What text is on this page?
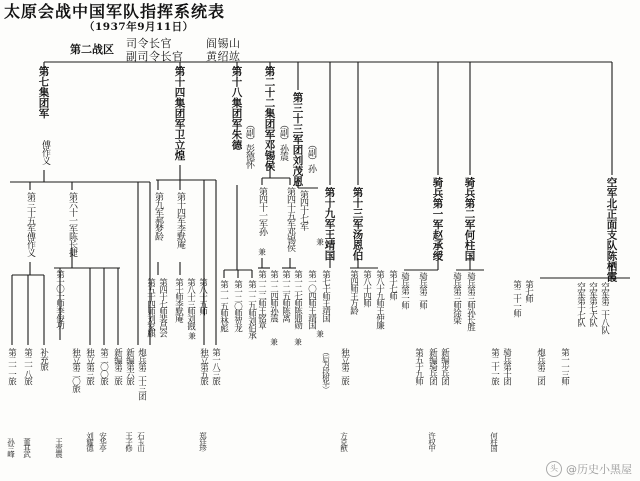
太原会战中国军队指挥系统表
（1937年9月11日）
第二战区 司令长官
副司令长官
阎锡山
黄绍竑
第七集团军
傅作义	第十四集团军卫立煌	第十八集团军朱德 （副）彭德怀 第二十二集团军邓锡侯 （副）孙震 第三十三军团刘茂恩 （副）孙
第十九军王靖国 第十三军汤恩伯	骑兵第一军赵承绶 骑兵第二军何柱国	空军北正面支队陈栖霞
第三十五军傅作义	第六十一军陈长捷	第九军郝梦龄 第十四军李默庵	第四十一军孙 第四十五军邓锡侯 第四十七军
骑兵第一师 骑兵第二师	骑兵第三师徐梁 骑兵第三师孙长胜
第五十四师刘家麒 第四十七师裴昌会 第十师李默庵 第八十三师刘戡 第八十五师 第一一五师林彪 第一二〇师贺龙 第一二九师刘伯承 第一二二师王铭章 第一二四师孙震 第一二五师陈离 第一二七师陈鼎勋 第一〇四师王靖国 第七十师王靖国
第一〇一师李俊功	第八十四师 第八十九师王仲廉
第四师王万龄	第十七师	第二十一师 第七师
第二一一旅 第二一八旅 补充旅	独立第二〇旅 独立第三旅 第二〇〇旅 新编第二旅 新编第六旅 炮兵第二十三团	独立第五旅 第一八三旅	独立第二旅	第五十九师 新编骑兵团 新编步兵团	第二十一旅 骑兵第十团	炮兵第二团
空军第二十八队
空军第七大队
空军第十七队
第一一三师
孙兰峰 董其武	王雷震	安华亭
刘耀德	王子修 石玉山	郑廷珍	方克猷	许权中	何柱国
兼	兼
兼 兼
兼
兼
（后为段树华）
头 @历史小黑屋
